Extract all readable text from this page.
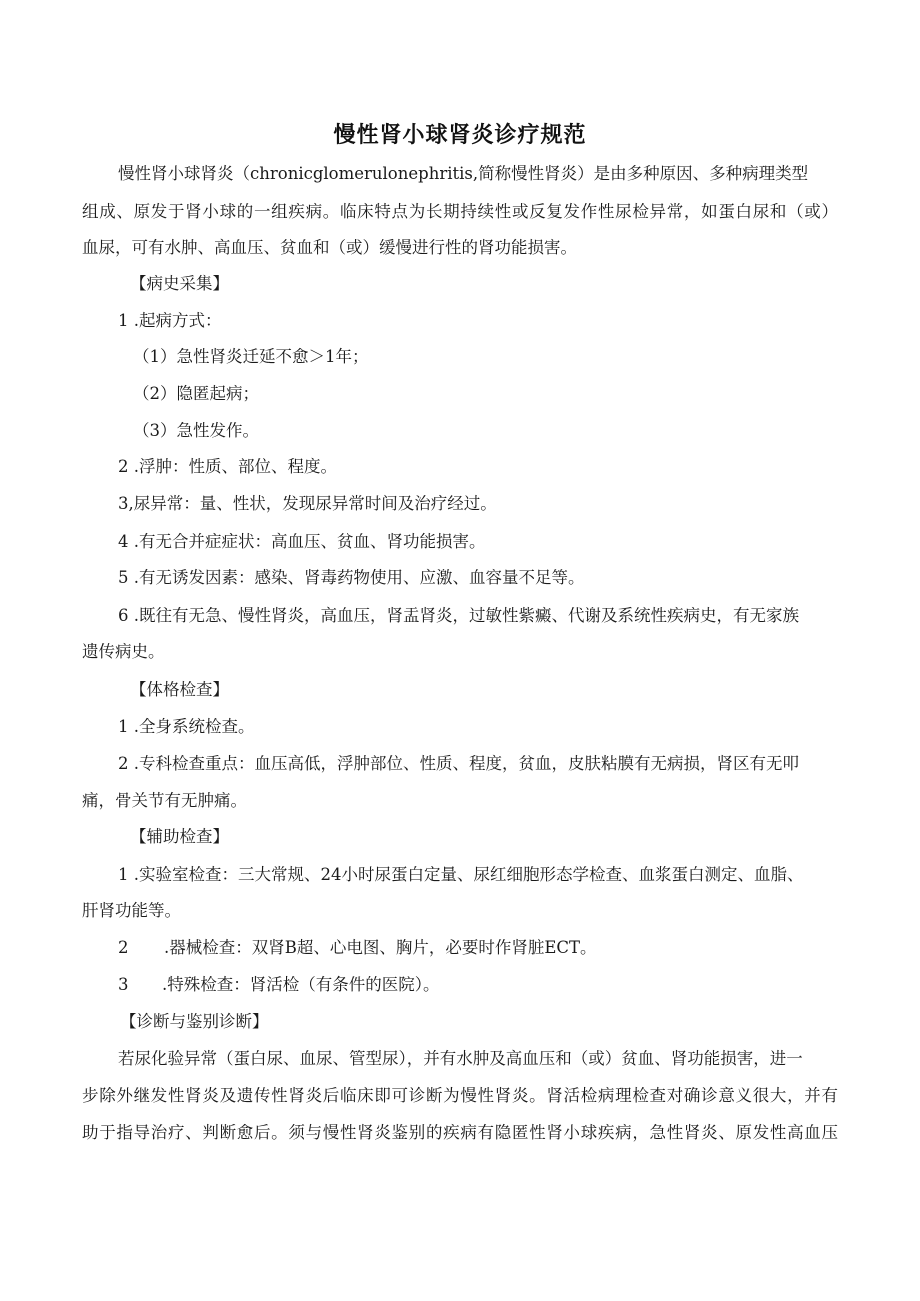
慢性肾小球肾炎诊疗规范
慢性肾小球肾炎（chronicglomerulonephritis,简称慢性肾炎）是由多种原因、多种病理类型
组成、原发于肾小球的一组疾病。临床特点为长期持续性或反复发作性尿检异常，如蛋白尿和（或）
血尿，可有水肿、高血压、贫血和（或）缓慢进行性的肾功能损害。
【病史采集】
1 .起病方式：
（1）急性肾炎迁延不愈＞1年；
（2）隐匿起病；
（3）急性发作。
2 .浮肿：性质、部位、程度。
3,尿异常：量、性状，发现尿异常时间及治疗经过。
4 .有无合并症症状：高血压、贫血、肾功能损害。
5 .有无诱发因素：感染、肾毒药物使用、应激、血容量不足等。
6 .既往有无急、慢性肾炎，高血压，肾盂肾炎，过敏性紫癜、代谢及系统性疾病史，有无家族
遗传病史。
【体格检查】
1 .全身系统检查。
2 .专科检查重点：血压高低，浮肿部位、性质、程度，贫血，皮肤粘膜有无病损，肾区有无叩
痛，骨关节有无肿痛。
【辅助检查】
1 .实验室检查：三大常规、24小时尿蛋白定量、尿红细胞形态学检查、血浆蛋白测定、血脂、
肝肾功能等。
2 .器械检查：双肾B超、心电图、胸片，必要时作肾脏ECT。
3 .特殊检查：肾活检（有条件的医院）。
【诊断与鉴别诊断】
若尿化验异常（蛋白尿、血尿、管型尿），并有水肿及高血压和（或）贫血、肾功能损害，进一
步除外继发性肾炎及遗传性肾炎后临床即可诊断为慢性肾炎。肾活检病理检查对确诊意义很大，并有
助于指导治疗、判断愈后。须与慢性肾炎鉴别的疾病有隐匿性肾小球疾病，急性肾炎、原发性高血压
